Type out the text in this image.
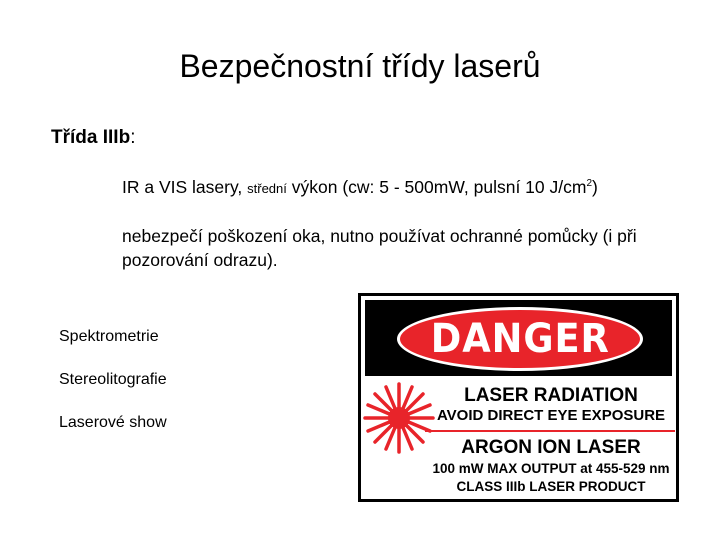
Bezpečnostní třídy laserů
Třída IIIb:
IR a VIS lasery, střední výkon (cw: 5 - 500mW, pulsní 10 $J/cm^2$)
nebezpečí poškození oka, nutno používat ochranné pomůcky (i při pozorování odrazu).
Spektrometrie
Stereolitografie
Laserové show
DANGER
LASER RADIATION
AVOID DIRECT EYE EXPOSURE
ARGON ION LASER
100 mW MAX OUTPUT at 455-529 nm
CLASS IIIb LASER PRODUCT
